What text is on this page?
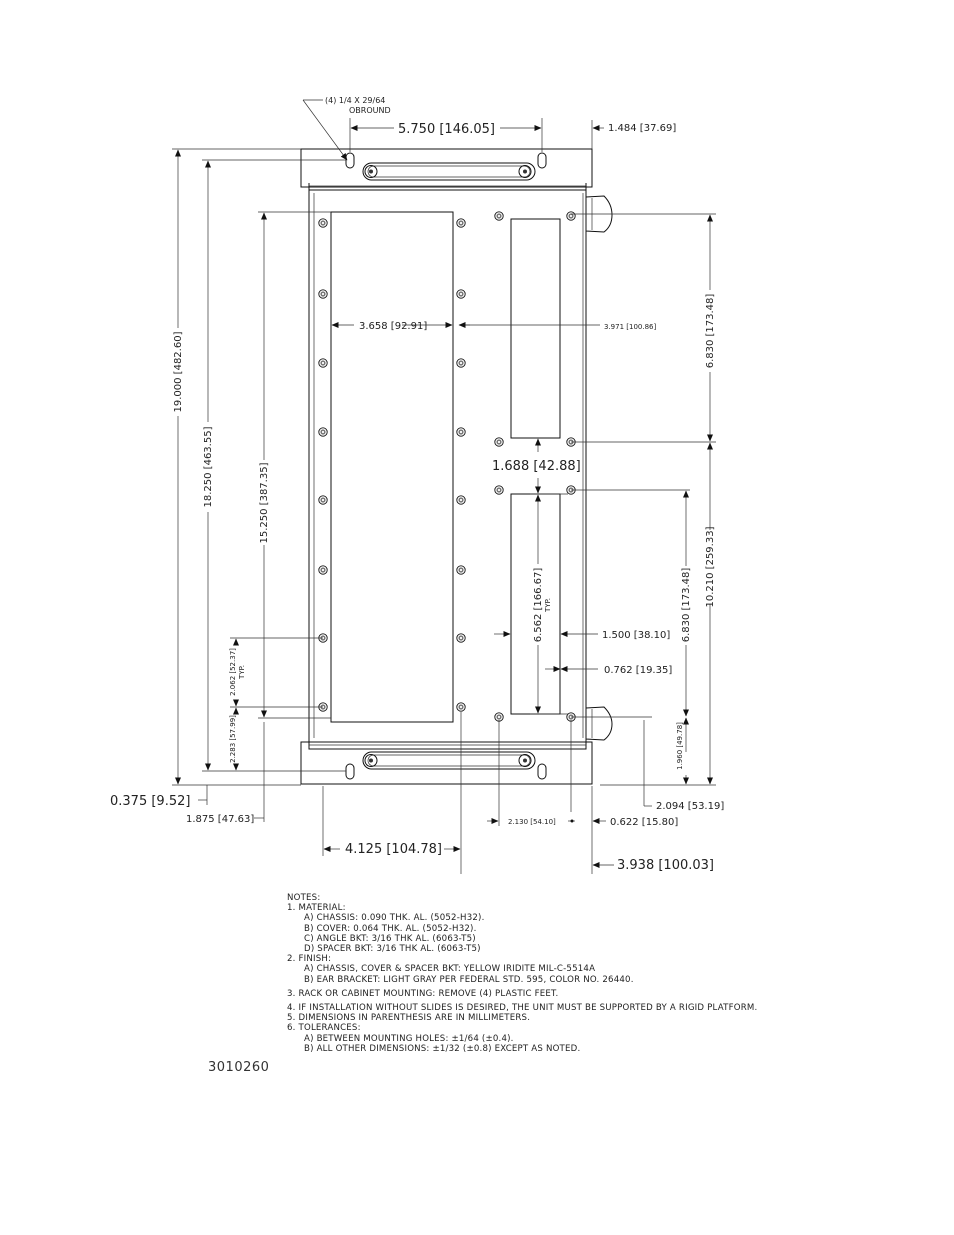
(4) 1/4 X 29/64
OBROUND
5.750 [146.05]	1.484 [37.69]
19.000 [482.60]
18.250 [463.55]	15.250 [387.35]
3.658 [92.91]	3.971 [100.86]	6.830 [173.48]
1.688 [42.88]
6.562 [166.67] TYP.	6.830 [173.48] 10.210 [259.33]
1.500 [38.10]
0.762 [19.35]
2.062 [52.37] TYP.
2.283 [57.99]	1.960 [49.78]
0.375 [9.52]
1.875 [47.63]
2.094 [53.19]
2.130 [54.10]	0.622 [15.80]
4.125 [104.78]
3.938 [100.03]
NOTES:
1. MATERIAL:
A) CHASSIS: 0.090 THK. AL. (5052-H32).
B) COVER: 0.064 THK. AL. (5052-H32).
C) ANGLE BKT: 3/16 THK AL. (6063-T5)
D) SPACER BKT: 3/16 THK AL. (6063-T5)
2. FINISH:
A) CHASSIS, COVER & SPACER BKT: YELLOW IRIDITE MIL-C-5514A
B) EAR BRACKET: LIGHT GRAY PER FEDERAL STD. 595, COLOR NO. 26440.
3. RACK OR CABINET MOUNTING: REMOVE (4) PLASTIC FEET.
4. IF INSTALLATION WITHOUT SLIDES IS DESIRED, THE UNIT MUST BE SUPPORTED BY A RIGID PLATFORM.
5. DIMENSIONS IN PARENTHESIS ARE IN MILLIMETERS.
6. TOLERANCES:
A) BETWEEN MOUNTING HOLES: ±1/64 (±0.4).
B) ALL OTHER DIMENSIONS: ±1/32 (±0.8) EXCEPT AS NOTED.
3010260
